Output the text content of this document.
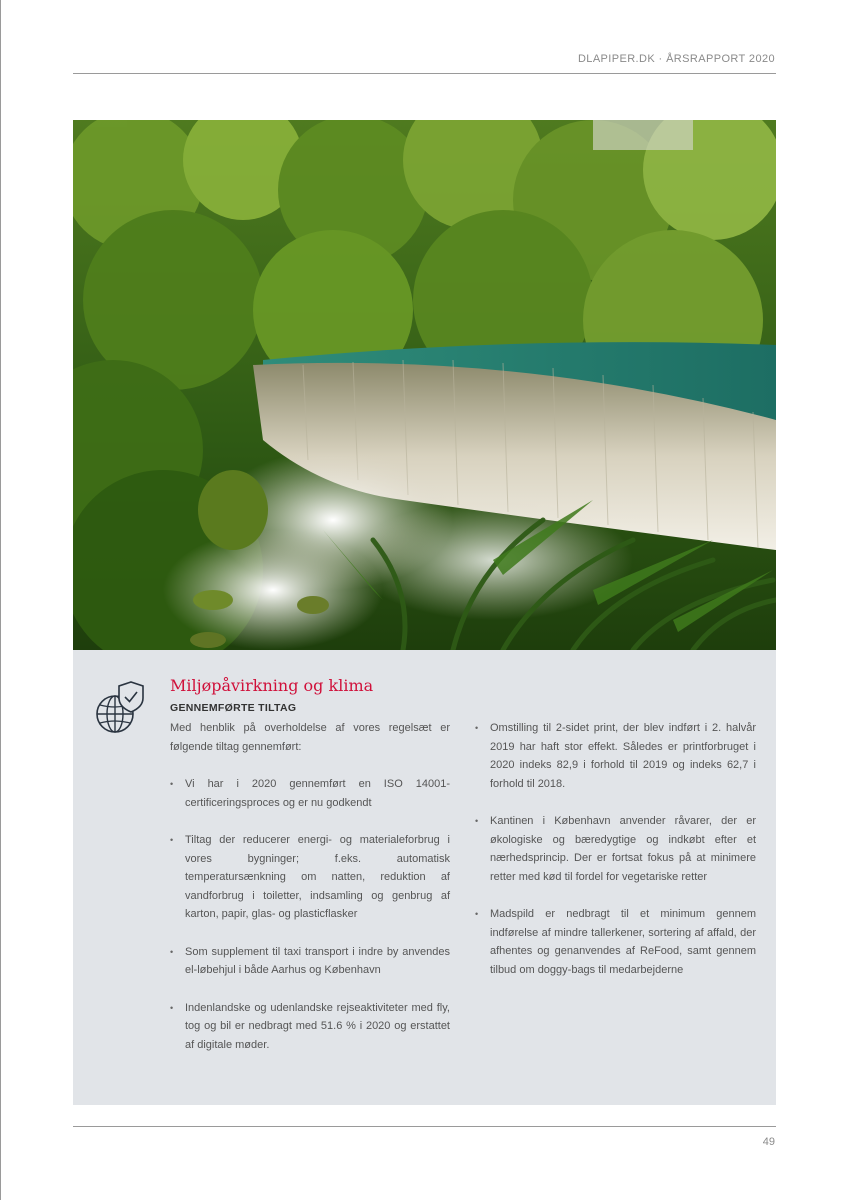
DLAPIPER.DK · ÅRSRAPPORT 2020
Miljøpåvirkning og klima
GENNEMFØRTE TILTAG

Med henblik på overholdelse af vores regelsæt er følgende tiltag gennemført:

• Vi har i 2020 gennemført en ISO 14001-certificeringsproces og er nu godkendt
• Tiltag der reducerer energi- og materialeforbrug i vores bygninger; f.eks. automatisk temperatursænkning om natten, reduktion af vandforbrug i toiletter, indsamling og genbrug af karton, papir, glas- og plasticflasker
• Som supplement til taxi transport i indre by anvendes el-løbehjul i både Aarhus og København
• Indenlandske og udenlandske rejseaktiviteter med fly, tog og bil er nedbragt med 51.6 % i 2020 og erstattet af digitale møder.
• Omstilling til 2-sidet print, der blev indført i 2. halvår 2019 har haft stor effekt. Således er printforbruget i 2020 indeks 82,9 i forhold til 2019 og indeks 62,7 i forhold til 2018.
• Kantinen i København anvender råvarer, der er økologiske og bæredygtige og indkøbt efter et nærhedsprincip. Der er fortsat fokus på at minimere retter med kød til fordel for vegetariske retter
• Madspild er nedbragt til et minimum gennem indførelse af mindre tallerkener, sortering af affald, der afhentes og genanvendes af ReFood, samt gennem tilbud om doggy-bags til medarbejderne
49
